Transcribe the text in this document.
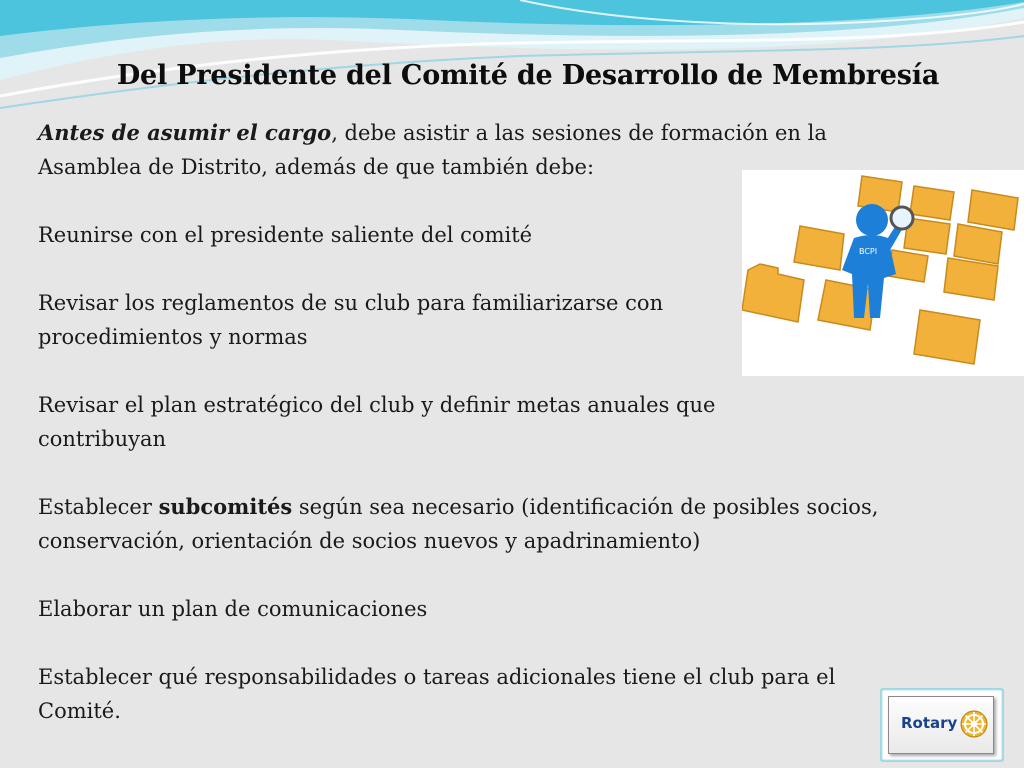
Del Presidente del Comité de Desarrollo de Membresía

Antes de asumir el cargo, debe asistir a las sesiones de formación en la Asamblea de Distrito, además de que también debe:

Reunirse con el presidente saliente del comité

Revisar los reglamentos de su club para familiarizarse con procedimientos y normas

Revisar el plan estratégico del club y definir metas anuales que contribuyan

Establecer subcomités según sea necesario (identificación de posibles socios, conservación, orientación de socios nuevos y apadrinamiento)

Elaborar un plan de comunicaciones

Establecer qué responsabilidades o tareas adicionales tiene el club para el Comité.

BCPI
Rotary
